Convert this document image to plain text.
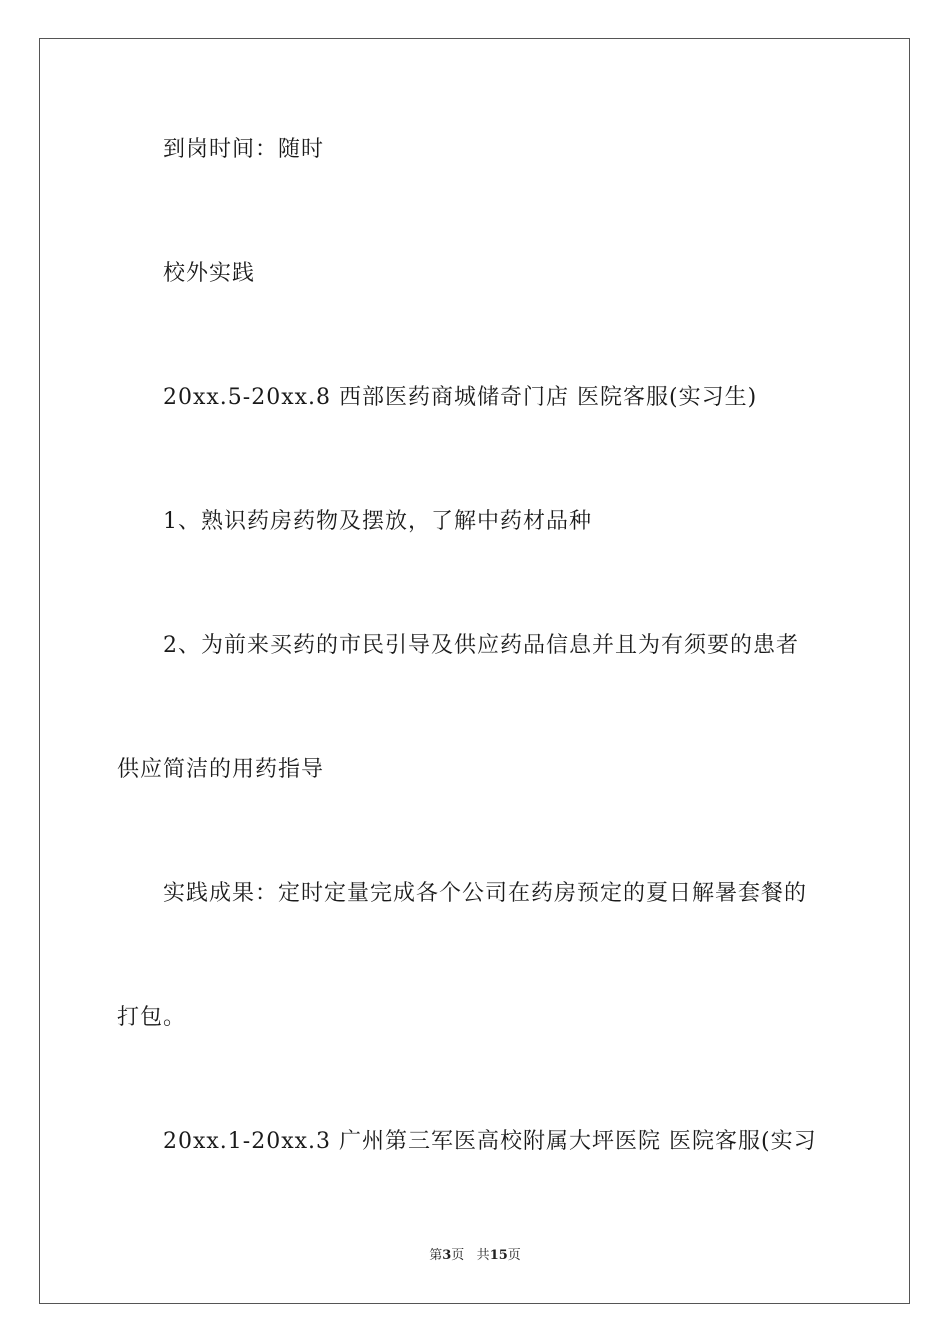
到岗时间：随时
校外实践
20xx.5-20xx.8 西部医药商城储奇门店 医院客服(实习生)
1、熟识药房药物及摆放，了解中药材品种
2、为前来买药的市民引导及供应药品信息并且为有须要的患者
供应简洁的用药指导
实践成果：定时定量完成各个公司在药房预定的夏日解暑套餐的
打包。
20xx.1-20xx.3 广州第三军医高校附属大坪医院 医院客服(实习
第3页 共15页
